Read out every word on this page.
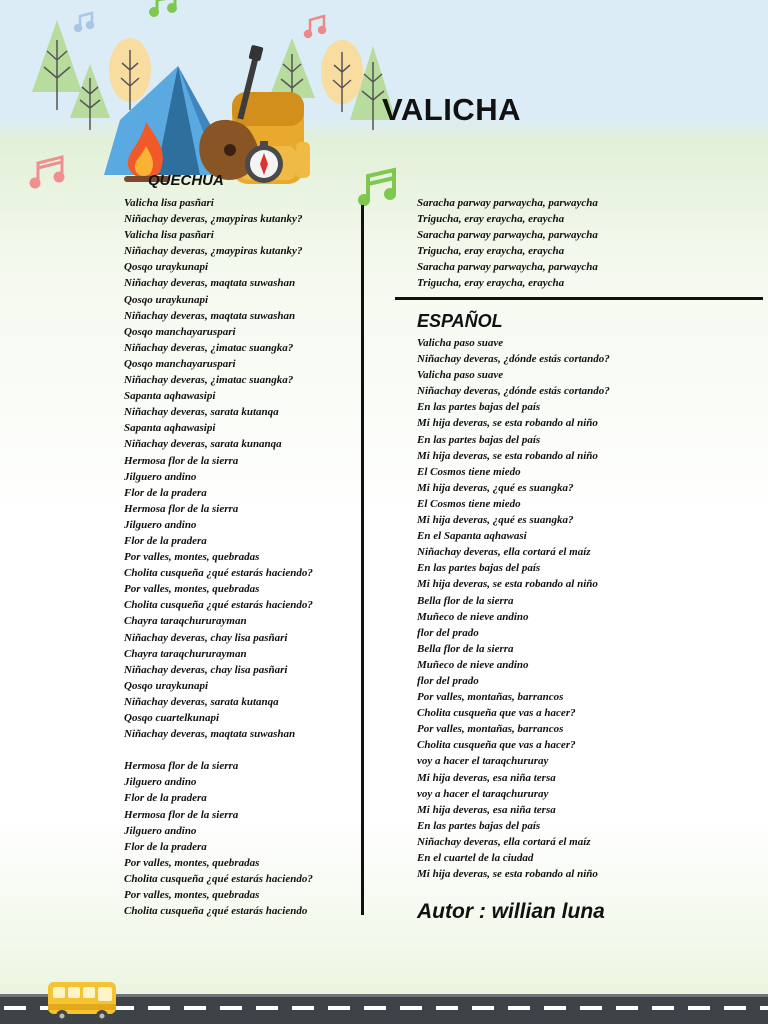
VALICHA
QUECHUA
Valicha lisa pasñari
Niñachay deveras, ¿maypiras kutanky?
Valicha lisa pasñari
Niñachay deveras, ¿maypiras kutanky?
Qosqo uraykunapi
Niñachay deveras, maqtata suwashan
Qosqo uraykunapi
Niñachay deveras, maqtata suwashan
Qosqo manchayaruspari
Niñachay deveras, ¿imatac suangka?
Qosqo manchayaruspari
Niñachay deveras, ¿imatac suangka?
Sapanta aqhawasipi
Niñachay deveras, sarata kutanqa
Sapanta aqhawasipi
Niñachay deveras, sarata kunanqa
Hermosa flor de la sierra
Jilguero andino
Flor de la pradera
Hermosa flor de la sierra
Jilguero andino
Flor de la pradera
Por valles, montes, quebradas
Cholita cusqueña ¿qué estarás haciendo?
Por valles, montes, quebradas
Cholita cusqueña ¿qué estarás haciendo?
Chayra taraqchururayman
Niñachay deveras, chay lisa pasñari
Chayra taraqchururayman
Niñachay deveras, chay lisa pasñari
Qosqo uraykunapi
Niñachay deveras, sarata kutanqa
Qosqo cuartelkunapi
Niñachay deveras, maqtata suwashan

Hermosa flor de la sierra
Jilguero andino
Flor de la pradera
Hermosa flor de la sierra
Jilguero andino
Flor de la pradera
Por valles, montes, quebradas
Cholita cusqueña ¿qué estarás haciendo?
Por valles, montes, quebradas
Cholita cusqueña ¿qué estarás haciendo
Saracha parway parwaycha, parwaycha
Trigucha, eray eraycha, eraycha
Saracha parway parwaycha, parwaycha
Trigucha, eray eraycha, eraycha
Saracha parway parwaycha, parwaycha
Trigucha, eray eraycha, eraycha
ESPAÑOL
Valicha paso suave
Niñachay deveras, ¿dónde estás cortando?
Valicha paso suave
Niñachay deveras, ¿dónde estás cortando?
En las partes bajas del país
Mi hija deveras, se esta robando al niño
En las partes bajas del país
Mi hija deveras, se esta robando al niño
El Cosmos tiene miedo
Mi hija deveras, ¿qué es suangka?
El Cosmos tiene miedo
Mi hija deveras, ¿qué es suangka?
En el Sapanta aqhawasi
Niñachay deveras, ella cortará el maíz
En las partes bajas del país
Mi hija deveras, se esta robando al niño
Bella flor de la sierra
Muñeco de nieve andino
flor del prado
Bella flor de la sierra
Muñeco de nieve andino
flor del prado
Por valles, montañas, barrancos
Cholita cusqueña que vas a hacer?
Por valles, montañas, barrancos
Cholita cusqueña que vas a hacer?
voy a hacer el taraqchururay
Mi hija deveras, esa niña tersa
voy a hacer el taraqchururay
Mi hija deveras, esa niña tersa
En las partes bajas del país
Niñachay deveras, ella cortará el maíz
En el cuartel de la ciudad
Mi hija deveras, se esta robando al niño
Autor : willian luna
